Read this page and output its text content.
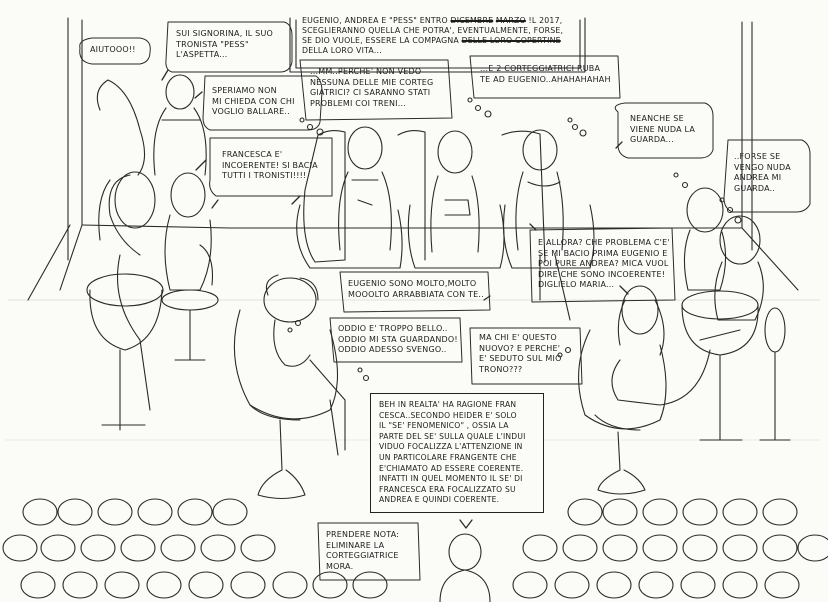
EUGENIO, ANDREA E "PESS" ENTRO DICEMBRE MARZO !L 2017,
SCEGLIERANNO QUELLA CHE POTRA', EVENTUALMENTE, FORSE,
SE DIO VUOLE, ESSERE LA COMPAGNA DELLE LORO COPERTINE
DELLA LORO VITA...
AIUTOOO!!
SUI SIGNORINA, IL SUO
TRONISTA "PESS"
L'ASPETTA...
SPERIAMO NON
MI CHIEDA CON CHI
VOGLIO BALLARE..
FRANCESCA E'
INCOERENTE! SI BACIA
TUTTI I TRONISTI!!!!
...MM..PERCHE' NON VEDO
NESSUNA DELLE MIE CORTEG
GIATRICI? CI SARANNO STATI
PROBLEMI COI TRENI...
...E 2 CORTEGGIATRICI RUBA
TE AD EUGENIO..AHAHAHAHAH
NEANCHE SE
VIENE NUDA LA
GUARDA...
..FORSE SE
VENGO NUDA
ANDREA MI
GUARDA..
E ALLORA? CHE PROBLEMA C'E'
SE MI BACIO PRIMA EUGENIO E
POI PURE ANDREA? MICA VUOL
DIRE CHE SONO INCOERENTE!
DIGLIELO MARIA...
EUGENIO SONO MOLTO,MOLTO
MOOOLTO ARRABBIATA CON TE..
ODDIO E' TROPPO BELLO..
ODDIO MI STA GUARDANDO!
ODDIO ADESSO SVENGO..
MA CHI E' QUESTO
NUOVO? E PERCHE'
E' SEDUTO SUL MIO
TRONO???
PRENDERE NOTA:
ELIMINARE LA
CORTEGGIATRICE
MORA.
BEH IN REALTA' HA RAGIONE FRAN
CESCA..SECONDO HEIDER E' SOLO
IL "SE' FENOMENICO" , OSSIA LA
PARTE DEL SE' SULLA QUALE L'INDUI
VIDUO FOCALIZZA L'ATTENZIONE IN
UN PARTICOLARE FRANGENTE CHE
E'CHIAMATO AD ESSERE COERENTE.
INFATTI IN QUEL MOMENTO IL SE' DI
FRANCESCA ERA FOCALIZZATO SU
ANDREA E QUINDI COERENTE.
